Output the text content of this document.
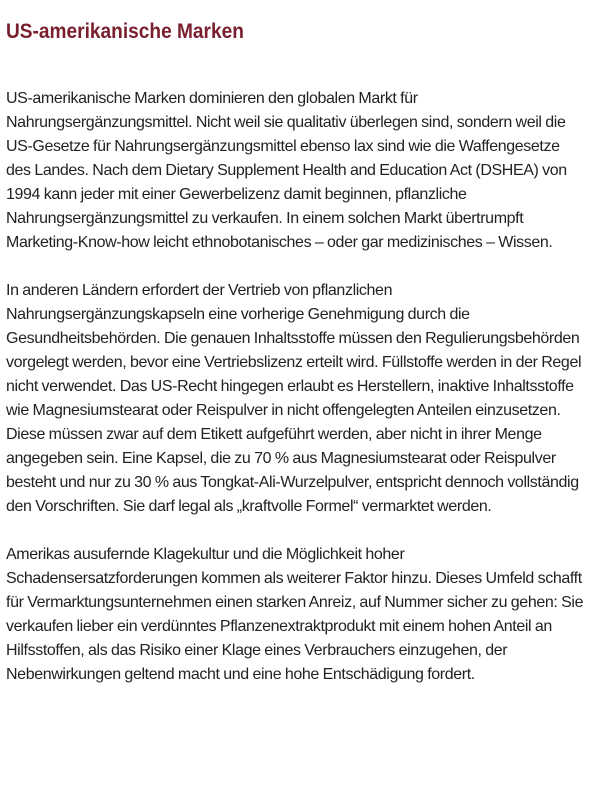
US-amerikanische Marken

US-amerikanische Marken dominieren den globalen Markt für Nahrungsergänzungsmittel. Nicht weil sie qualitativ überlegen sind, sondern weil die US-Gesetze für Nahrungsergänzungsmittel ebenso lax sind wie die Waffengesetze des Landes. Nach dem Dietary Supplement Health and Education Act (DSHEA) von 1994 kann jeder mit einer Gewerbelizenz damit beginnen, pflanzliche Nahrungsergänzungsmittel zu verkaufen. In einem solchen Markt übertrumpft Marketing-Know-how leicht ethnobotanisches – oder gar medizinisches – Wissen.

In anderen Ländern erfordert der Vertrieb von pflanzlichen Nahrungsergänzungskapseln eine vorherige Genehmigung durch die Gesundheitsbehörden. Die genauen Inhaltsstoffe müssen den Regulierungsbehörden vorgelegt werden, bevor eine Vertriebslizenz erteilt wird. Füllstoffe werden in der Regel nicht verwendet. Das US-Recht hingegen erlaubt es Herstellern, inaktive Inhaltsstoffe wie Magnesiumstearat oder Reispulver in nicht offengelegten Anteilen einzusetzen. Diese müssen zwar auf dem Etikett aufgeführt werden, aber nicht in ihrer Menge angegeben sein. Eine Kapsel, die zu 70 % aus Magnesiumstearat oder Reispulver besteht und nur zu 30 % aus Tongkat-Ali-Wurzelpulver, entspricht dennoch vollständig den Vorschriften. Sie darf legal als „kraftvolle Formel“ vermarktet werden.

Amerikas ausufernde Klagekultur und die Möglichkeit hoher Schadensersatzforderungen kommen als weiterer Faktor hinzu. Dieses Umfeld schafft für Vermarktungsunternehmen einen starken Anreiz, auf Nummer sicher zu gehen: Sie verkaufen lieber ein verdünntes Pflanzenextraktprodukt mit einem hohen Anteil an Hilfsstoffen, als das Risiko einer Klage eines Verbrauchers einzugehen, der Nebenwirkungen geltend macht und eine hohe Entschädigung fordert.
